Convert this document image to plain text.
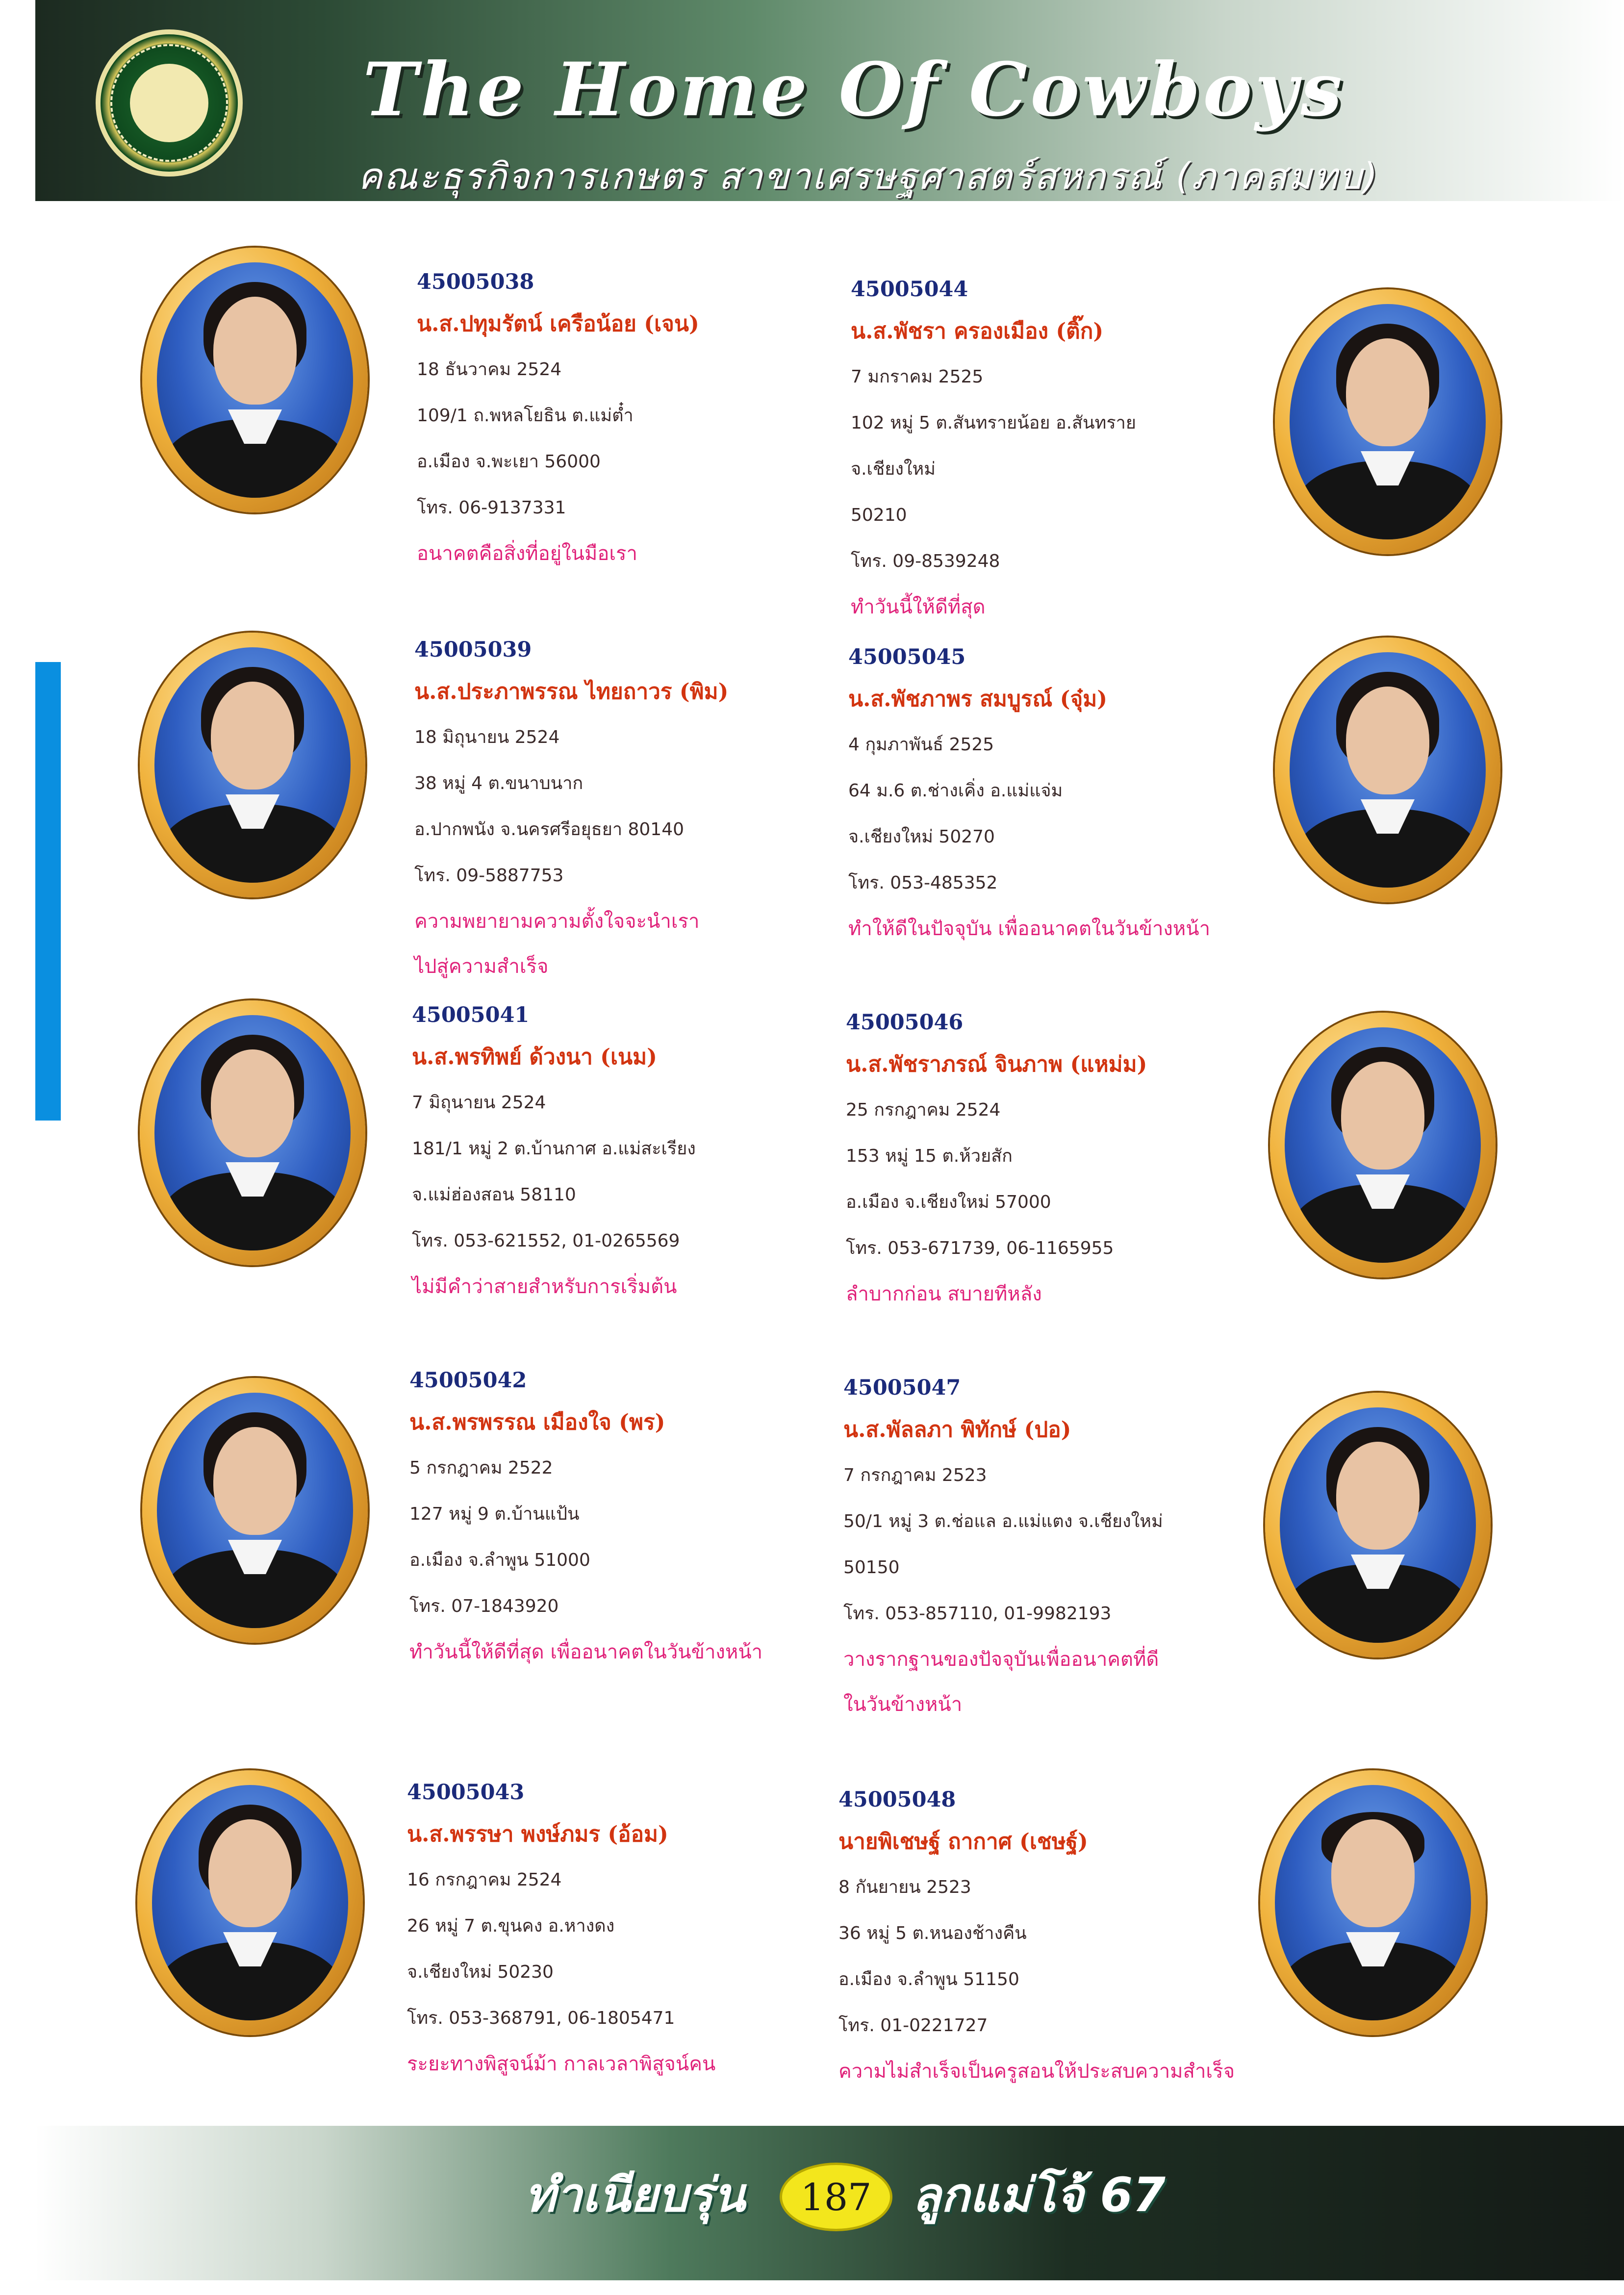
The Home Of Cowboys
คณะธุรกิจการเกษตร สาขาเศรษฐศาสตร์สหกรณ์ (ภาคสมทบ)
45005038
น.ส.ปทุมรัตน์ เครือน้อย (เจน)
18 ธันวาคม 2524
109/1 ถ.พหลโยธิน ต.แม่ต๋ำ
อ.เมือง จ.พะเยา 56000
โทร. 06-9137331
อนาคตคือสิ่งที่อยู่ในมือเรา
45005044
น.ส.พัชรา ครองเมือง (ติ๊ก)
7 มกราคม 2525
102 หมู่ 5 ต.สันทรายน้อย อ.สันทราย
จ.เชียงใหม่
50210
โทร. 09-8539248
ทำวันนี้ให้ดีที่สุด
45005039
น.ส.ประภาพรรณ ไทยถาวร (พิม)
18 มิถุนายน 2524
38 หมู่ 4 ต.ขนาบนาก
อ.ปากพนัง จ.นครศรีอยุธยา 80140
โทร. 09-5887753
ความพยายามความตั้งใจจะนำเรา
ไปสู่ความสำเร็จ
45005045
น.ส.พัชภาพร สมบูรณ์ (จุ๋ม)
4 กุมภาพันธ์ 2525
64 ม.6 ต.ช่างเคิ่ง อ.แม่แจ่ม
จ.เชียงใหม่ 50270
โทร. 053-485352
ทำให้ดีในปัจจุบัน เพื่ออนาคตในวันข้างหน้า
45005041
น.ส.พรทิพย์ ด้วงนา (เนม)
7 มิถุนายน 2524
181/1 หมู่ 2 ต.บ้านกาศ อ.แม่สะเรียง
จ.แม่ฮ่องสอน 58110
โทร. 053-621552, 01-0265569
ไม่มีคำว่าสายสำหรับการเริ่มต้น
45005046
น.ส.พัชราภรณ์ จินภาพ (แหม่ม)
25 กรกฎาคม 2524
153 หมู่ 15 ต.ห้วยสัก
อ.เมือง จ.เชียงใหม่ 57000
โทร. 053-671739, 06-1165955
ลำบากก่อน สบายทีหลัง
45005042
น.ส.พรพรรณ เมืองใจ (พร)
5 กรกฎาคม 2522
127 หมู่ 9 ต.บ้านแป้น
อ.เมือง จ.ลำพูน 51000
โทร. 07-1843920
ทำวันนี้ให้ดีที่สุด เพื่ออนาคตในวันข้างหน้า
45005047
น.ส.พัลลภา พิทักษ์ (ปอ)
7 กรกฎาคม 2523
50/1 หมู่ 3 ต.ช่อแล อ.แม่แตง จ.เชียงใหม่
50150
โทร. 053-857110, 01-9982193
วางรากฐานของปัจจุบันเพื่ออนาคตที่ดี
ในวันข้างหน้า
45005043
น.ส.พรรษา พงษ์ภมร (อ้อม)
16 กรกฎาคม 2524
26 หมู่ 7 ต.ขุนคง อ.หางดง
จ.เชียงใหม่ 50230
โทร. 053-368791, 06-1805471
ระยะทางพิสูจน์ม้า กาลเวลาพิสูจน์คน
45005048
นายพิเชษฐ์ ถากาศ (เชษฐ์)
8 กันยายน 2523
36 หมู่ 5 ต.หนองช้างคืน
อ.เมือง จ.ลำพูน 51150
โทร. 01-0221727
ความไม่สำเร็จเป็นครูสอนให้ประสบความสำเร็จ
ทำเนียบรุ่น 187 ลูกแม่โจ้ 67
